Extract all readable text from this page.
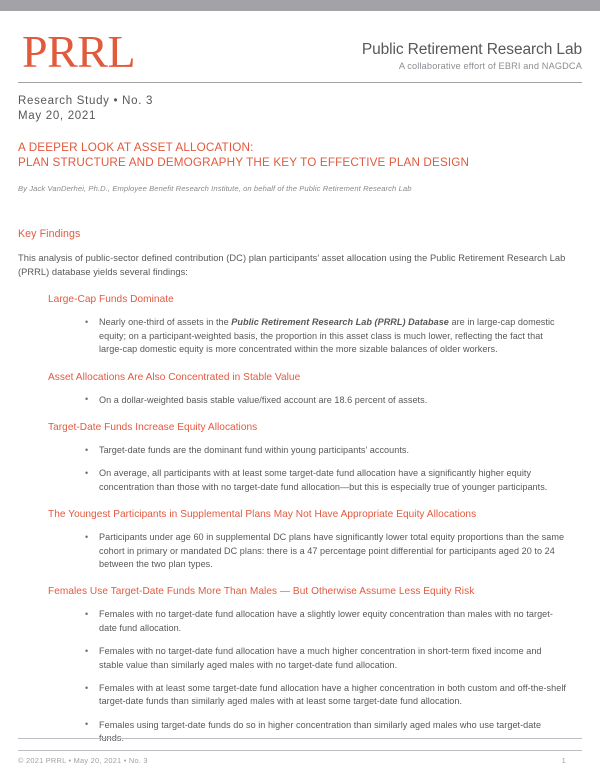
PRRL	Public Retirement Research Lab
A collaborative effort of EBRI and NAGDCA
Research Study • No. 3
May 20, 2021
A DEEPER LOOK AT ASSET ALLOCATION:
PLAN STRUCTURE AND DEMOGRAPHY THE KEY TO EFFECTIVE PLAN DESIGN
By Jack VanDerhei, Ph.D., Employee Benefit Research Institute, on behalf of the Public Retirement Research Lab
Key Findings
This analysis of public-sector defined contribution (DC) plan participants’ asset allocation using the Public Retirement Research Lab (PRRL) database yields several findings:
Large-Cap Funds Dominate
• Nearly one-third of assets in the Public Retirement Research Lab (PRRL) Database are in large-cap domestic equity; on a participant-weighted basis, the proportion in this asset class is much lower, reflecting the fact that large-cap domestic equity is more concentrated within the more sizable balances of older workers.
Asset Allocations Are Also Concentrated in Stable Value
• On a dollar-weighted basis stable value/fixed account are 18.6 percent of assets.
Target-Date Funds Increase Equity Allocations
• Target-date funds are the dominant fund within young participants’ accounts.
• On average, all participants with at least some target-date fund allocation have a significantly higher equity concentration than those with no target-date fund allocation—but this is especially true of younger participants.
The Youngest Participants in Supplemental Plans May Not Have Appropriate Equity Allocations
• Participants under age 60 in supplemental DC plans have significantly lower total equity proportions than the same cohort in primary or mandated DC plans: there is a 47 percentage point differential for participants aged 20 to 24 between the two plan types.
Females Use Target-Date Funds More Than Males — But Otherwise Assume Less Equity Risk
• Females with no target-date fund allocation have a slightly lower equity concentration than males with no target-date fund allocation.
• Females with no target-date fund allocation have a much higher concentration in short-term fixed income and stable value than similarly aged males with no target-date fund allocation.
• Females with at least some target-date fund allocation have a higher concentration in both custom and off-the-shelf target-date funds than similarly aged males with at least some target-date fund allocation.
• Females using target-date funds do so in higher concentration than similarly aged males who use target-date funds.
© 2021 PRRL • May 20, 2021 • No. 3	1
